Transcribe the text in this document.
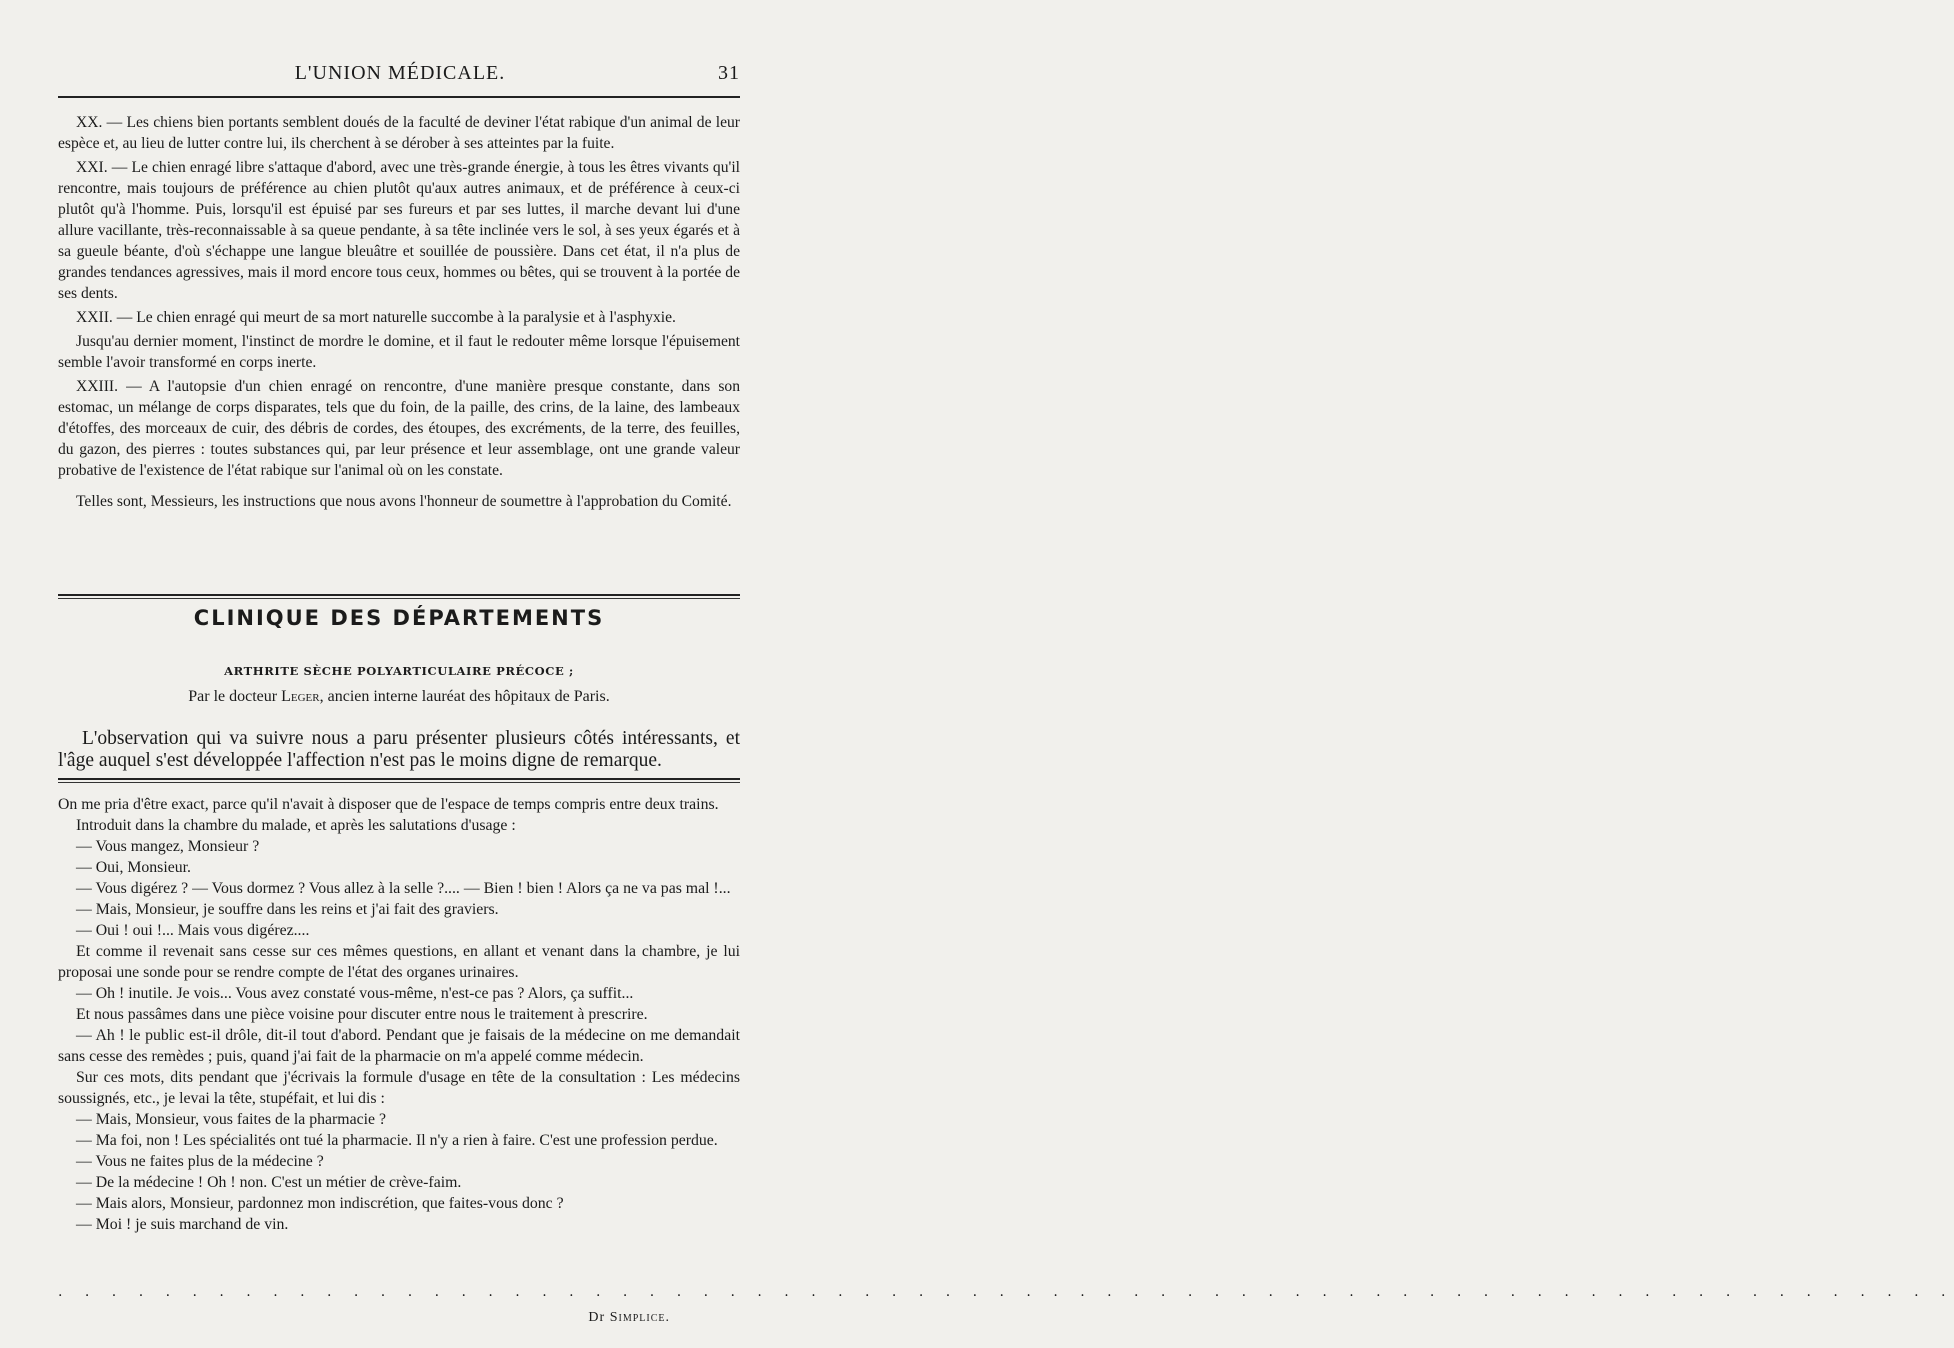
L'UNION MÉDICALE.	31

XX. — Les chiens bien portants semblent doués de la faculté de deviner l'état rabique d'un animal de leur espèce et, au lieu de lutter contre lui, ils cherchent à se dérober à ses atteintes par la fuite.

XXI. — Le chien enragé libre s'attaque d'abord, avec une très-grande énergie, à tous les êtres vivants qu'il rencontre, mais toujours de préférence au chien plutôt qu'aux autres animaux, et de préférence à ceux-ci plutôt qu'à l'homme. Puis, lorsqu'il est épuisé par ses fureurs et par ses luttes, il marche devant lui d'une allure vacillante, très-reconnaissable à sa queue pendante, à sa tête inclinée vers le sol, à ses yeux égarés et à sa gueule béante, d'où s'échappe une langue bleuâtre et souillée de poussière. Dans cet état, il n'a plus de grandes tendances agressives, mais il mord encore tous ceux, hommes ou bêtes, qui se trouvent à la portée de ses dents.

XXII. — Le chien enragé qui meurt de sa mort naturelle succombe à la paralysie et à l'asphyxie.

Jusqu'au dernier moment, l'instinct de mordre le domine, et il faut le redouter même lorsque l'épuisement semble l'avoir transformé en corps inerte.

XXIII. — A l'autopsie d'un chien enragé on rencontre, d'une manière presque constante, dans son estomac, un mélange de corps disparates, tels que du foin, de la paille, des crins, de la laine, des lambeaux d'étoffes, des morceaux de cuir, des débris de cordes, des étoupes, des excréments, de la terre, des feuilles, du gazon, des pierres : toutes substances qui, par leur présence et leur assemblage, ont une grande valeur probative de l'existence de l'état rabique sur l'animal où on les constate.

Telles sont, Messieurs, les instructions que nous avons l'honneur de soumettre à l'approbation du Comité.

CLINIQUE DES DÉPARTEMENTS
ARTHRITE SÈCHE POLYARTICULAIRE PRÉCOCE ;
Par le docteur Leger, ancien interne lauréat des hôpitaux de Paris.

L'observation qui va suivre nous a paru présenter plusieurs côtés intéressants, et l'âge auquel s'est développée l'affection n'est pas le moins digne de remarque.

On me pria d'être exact, parce qu'il n'avait à disposer que de l'espace de temps compris entre deux trains.

Introduit dans la chambre du malade, et après les salutations d'usage :

— Vous mangez, Monsieur ?

— Oui, Monsieur.

— Vous digérez ? — Vous dormez ? Vous allez à la selle ?.... — Bien ! bien ! Alors ça ne va pas mal !...

— Mais, Monsieur, je souffre dans les reins et j'ai fait des graviers.

— Oui ! oui !... Mais vous digérez....

Et comme il revenait sans cesse sur ces mêmes questions, en allant et venant dans la chambre, je lui proposai une sonde pour se rendre compte de l'état des organes urinaires.

— Oh ! inutile. Je vois... Vous avez constaté vous-même, n'est-ce pas ? Alors, ça suffit...

Et nous passâmes dans une pièce voisine pour discuter entre nous le traitement à prescrire.

— Ah ! le public est-il drôle, dit-il tout d'abord. Pendant que je faisais de la médecine on me demandait sans cesse des remèdes ; puis, quand j'ai fait de la pharmacie on m'a appelé comme médecin.

Sur ces mots, dits pendant que j'écrivais la formule d'usage en tête de la consultation : Les médecins soussignés, etc., je levai la tête, stupéfait, et lui dis :

— Mais, Monsieur, vous faites de la pharmacie ?

— Ma foi, non ! Les spécialités ont tué la pharmacie. Il n'y a rien à faire. C'est une profession perdue.

— Vous ne faites plus de la médecine ?

— De la médecine ! Oh ! non. C'est un métier de crève-faim.

— Mais alors, Monsieur, pardonnez mon indiscrétion, que faites-vous donc ?

— Moi ! je suis marchand de vin.

. . . . . . . . . . . . . . . . . . . . . . . . . . . . . . . . . . . . . . . . . . . . . . . . . . . . . . . . . . . . . . . . . . . . . . .
Dr Simplice.
